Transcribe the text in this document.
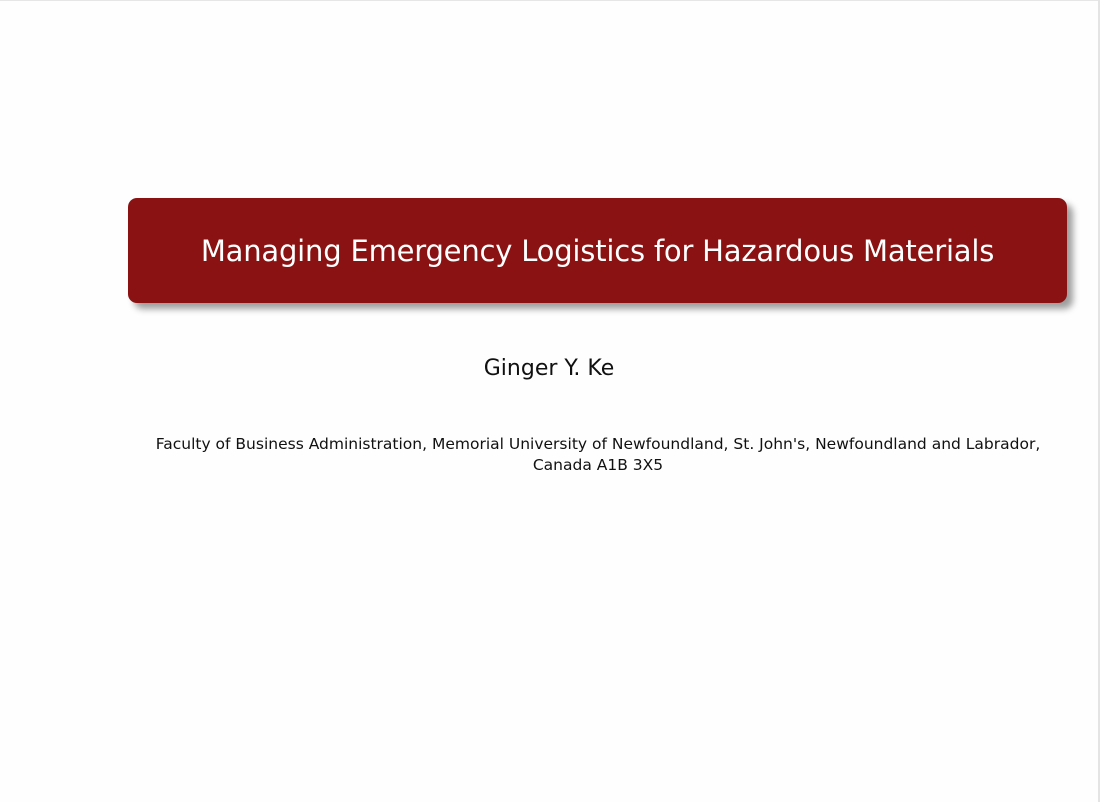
Managing Emergency Logistics for Hazardous Materials
Ginger Y. Ke
Faculty of Business Administration, Memorial University of Newfoundland, St. John's, Newfoundland and Labrador, Canada A1B 3X5
